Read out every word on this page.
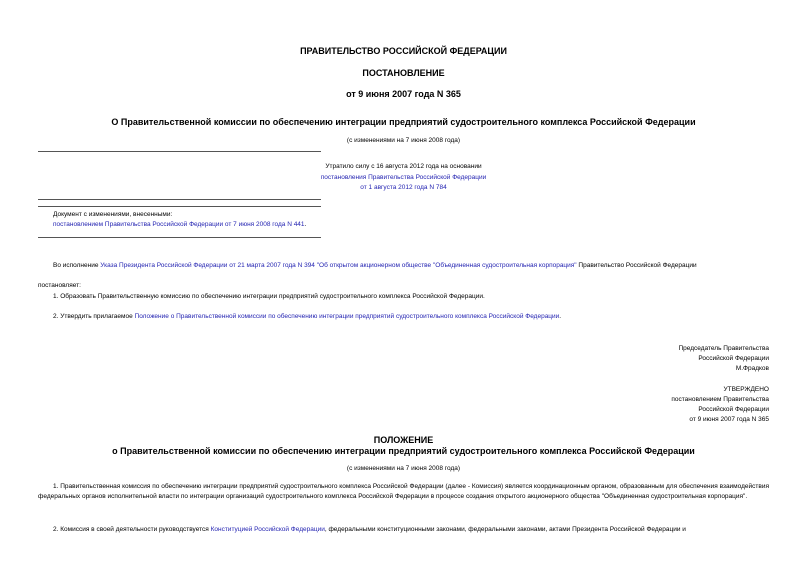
ПРАВИТЕЛЬСТВО РОССИЙСКОЙ ФЕДЕРАЦИИ
ПОСТАНОВЛЕНИЕ
от 9 июня 2007 года N 365
О Правительственной комиссии по обеспечению интеграции предприятий судостроительного комплекса Российской Федерации
(с изменениями на 7 июня 2008 года)
Утратило силу с 16 августа 2012 года на основании
постановления Правительства Российской Федерации
от 1 августа 2012 года N 784
Документ с изменениями, внесенными:
постановлением Правительства Российской Федерации от 7 июня 2008 года N 441.
Во исполнение Указа Президента Российской Федерации от 21 марта 2007 года N 394 "Об открытом акционерном обществе "Объединенная судостроительная корпорация" Правительство Российской Федерации
постановляет:
1. Образовать Правительственную комиссию по обеспечению интеграции предприятий судостроительного комплекса Российской Федерации.
2. Утвердить прилагаемое Положение о Правительственной комиссии по обеспечению интеграции предприятий судостроительного комплекса Российской Федерации.
Председатель Правительства
Российской Федерации
М.Фрадков
УТВЕРЖДЕНО
постановлением Правительства
Российской Федерации
от 9 июня 2007 года N 365
ПОЛОЖЕНИЕ
о Правительственной комиссии по обеспечению интеграции предприятий судостроительного комплекса Российской Федерации
(с изменениями на 7 июня 2008 года)
1. Правительственная комиссия по обеспечению интеграции предприятий судостроительного комплекса Российской Федерации (далее - Комиссия) является координационным органом, образованным для обеспечения взаимодействия федеральных органов исполнительной власти по интеграции организаций судостроительного комплекса Российской Федерации в процессе создания открытого акционерного общества "Объединенная судостроительная корпорация".
2. Комиссия в своей деятельности руководствуется Конституцией Российской Федерации, федеральными конституционными законами, федеральными законами, актами Президента Российской Федерации и
